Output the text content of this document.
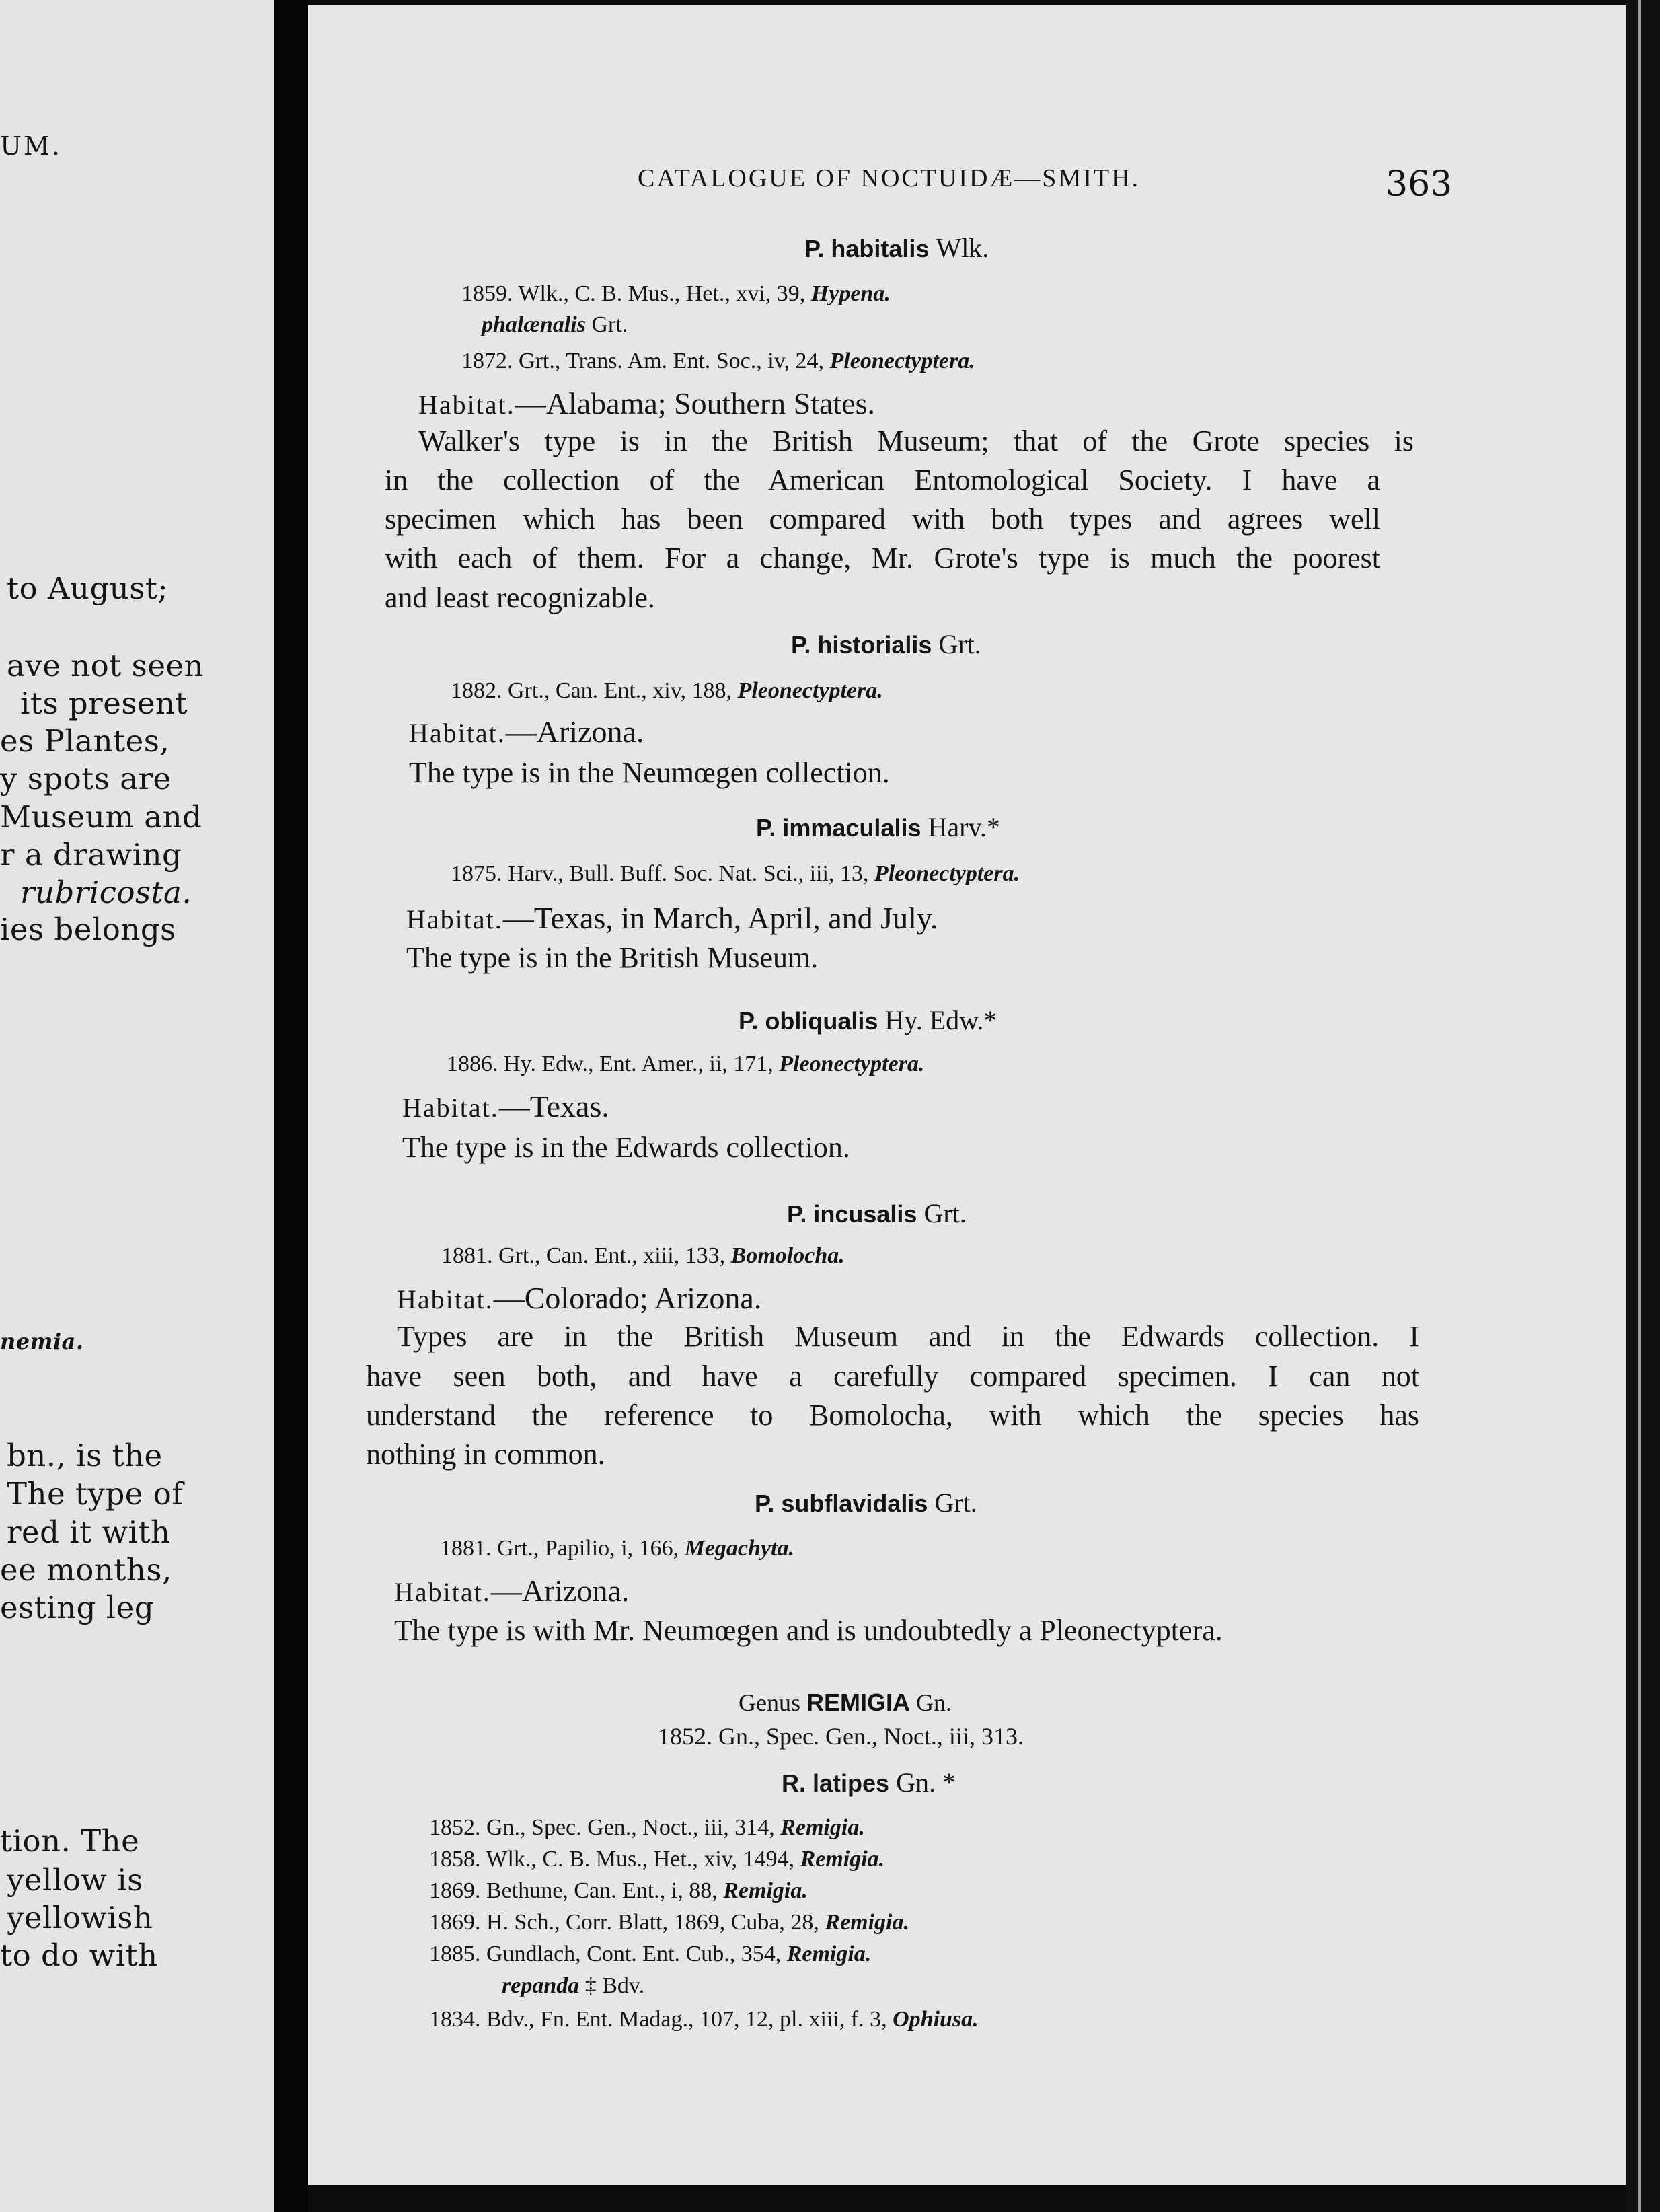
UM.
to August;
ave not seen
its present
es Plantes,
y spots are
Museum and
r a drawing
rubricosta.
ies belongs
nemia.
bn., is the
The type of
red it with
ee months,
esting leg
tion. The
yellow is
yellowish
to do with
CATALOGUE OF NOCTUIDÆ—SMITH.	363
P. habitalis Wlk.
1859. Wlk., C. B. Mus., Het., xvi, 39, Hypena.
phalænalis Grt.
1872. Grt., Trans. Am. Ent. Soc., iv, 24, Pleonectyptera.
Habitat.—Alabama; Southern States.
Walker's type is in the British Museum; that of the Grote species is
in the collection of the American Entomological Society. I have a
specimen which has been compared with both types and agrees well
with each of them. For a change, Mr. Grote's type is much the poorest
and least recognizable.
P. historialis Grt.
1882. Grt., Can. Ent., xiv, 188, Pleonectyptera.
Habitat.—Arizona.
The type is in the Neumœgen collection.
P. immaculalis Harv.*
1875. Harv., Bull. Buff. Soc. Nat. Sci., iii, 13, Pleonectyptera.
Habitat.—Texas, in March, April, and July.
The type is in the British Museum.
P. obliqualis Hy. Edw.*
1886. Hy. Edw., Ent. Amer., ii, 171, Pleonectyptera.
Habitat.—Texas.
The type is in the Edwards collection.
P. incusalis Grt.
1881. Grt., Can. Ent., xiii, 133, Bomolocha.
Habitat.—Colorado; Arizona.
Types are in the British Museum and in the Edwards collection. I
have seen both, and have a carefully compared specimen. I can not
understand the reference to Bomolocha, with which the species has
nothing in common.
P. subflavidalis Grt.
1881. Grt., Papilio, i, 166, Megachyta.
Habitat.—Arizona.
The type is with Mr. Neumœgen and is undoubtedly a Pleonectyptera.
Genus REMIGIA Gn.
1852. Gn., Spec. Gen., Noct., iii, 313.
R. latipes Gn. *
1852. Gn., Spec. Gen., Noct., iii, 314, Remigia.
1858. Wlk., C. B. Mus., Het., xiv, 1494, Remigia.
1869. Bethune, Can. Ent., i, 88, Remigia.
1869. H. Sch., Corr. Blatt, 1869, Cuba, 28, Remigia.
1885. Gundlach, Cont. Ent. Cub., 354, Remigia.
repanda ‡ Bdv.
1834. Bdv., Fn. Ent. Madag., 107, 12, pl. xiii, f. 3, Ophiusa.
